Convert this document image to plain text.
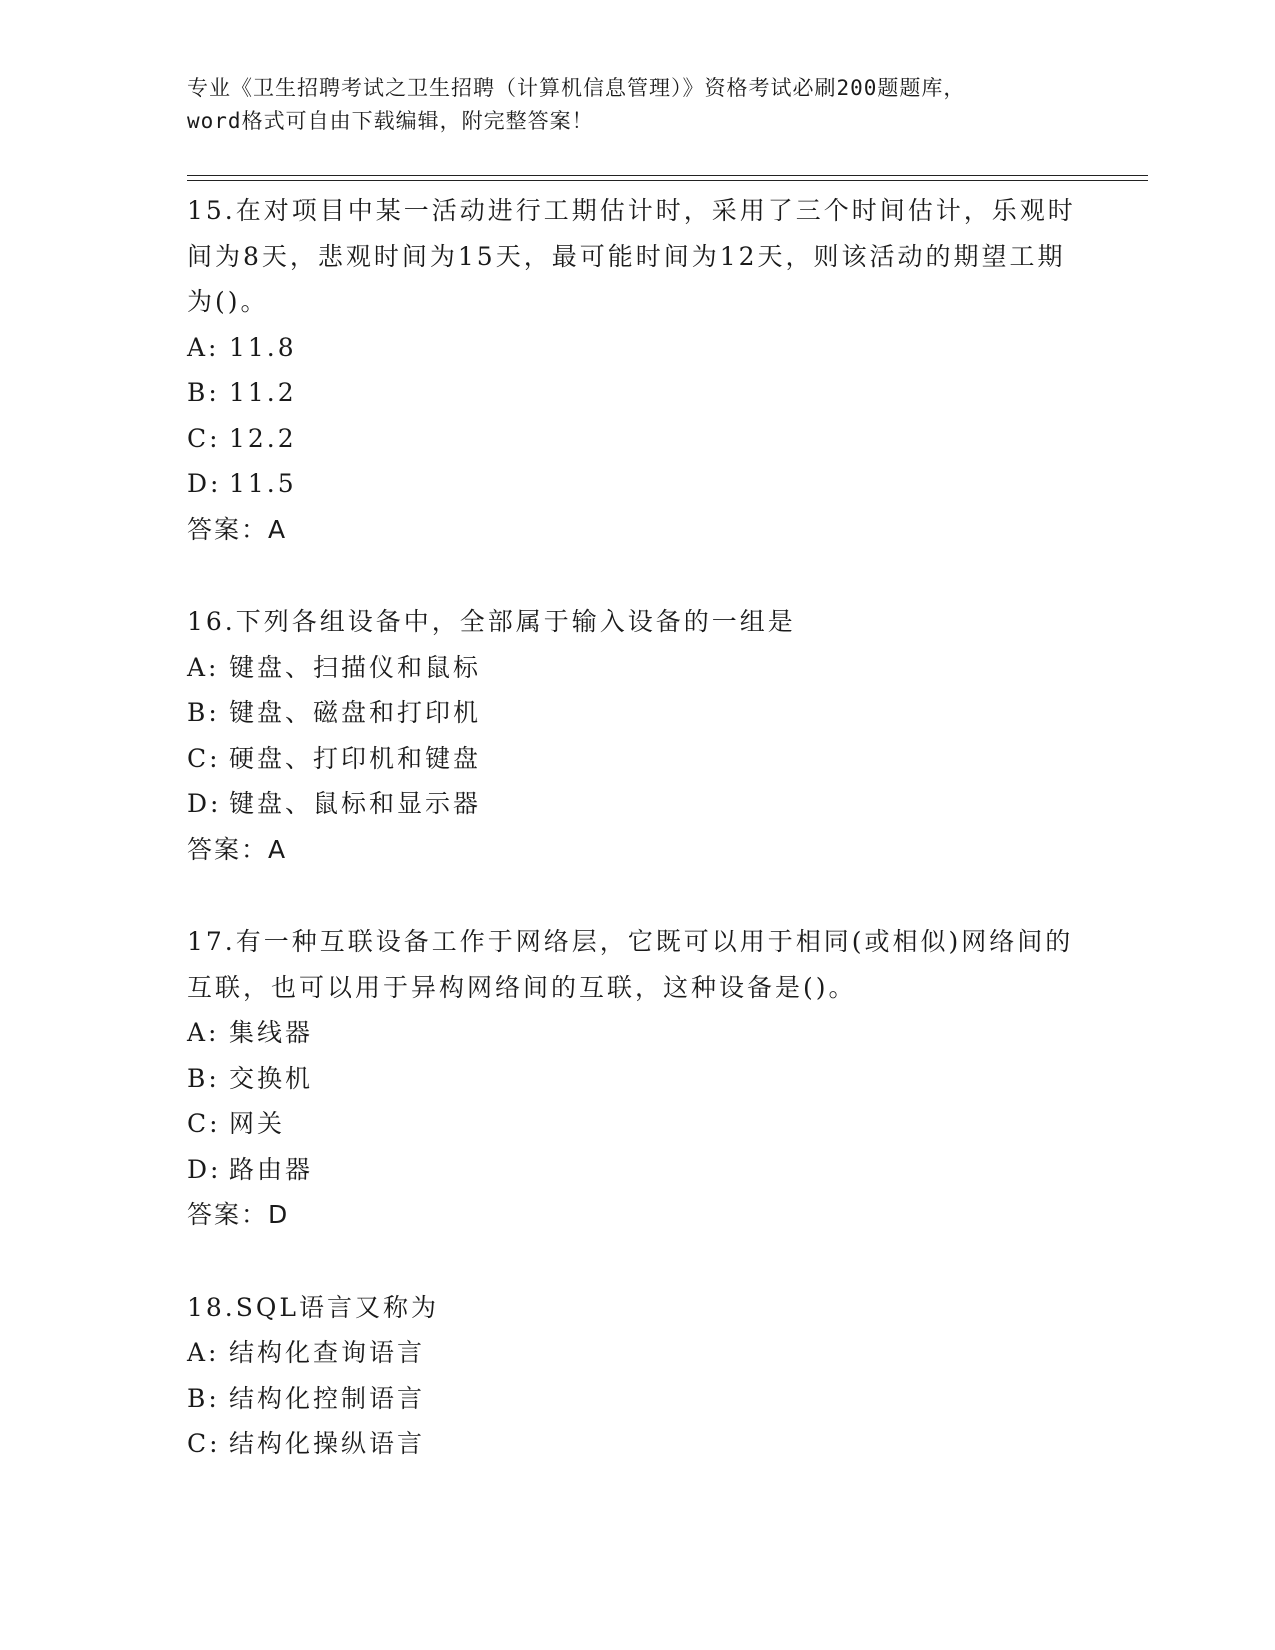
专业《卫生招聘考试之卫生招聘（计算机信息管理）》资格考试必刷200题题库，
word格式可自由下载编辑，附完整答案！
15.在对项目中某一活动进行工期估计时，采用了三个时间估计，乐观时间为8天，悲观时间为15天，最可能时间为12天，则该活动的期望工期为()。
A: 11.8
B: 11.2
C: 12.2
D: 11.5
答案：A
16.下列各组设备中，全部属于输入设备的一组是
A: 键盘、扫描仪和鼠标
B: 键盘、磁盘和打印机
C: 硬盘、打印机和键盘
D: 键盘、鼠标和显示器
答案：A
17.有一种互联设备工作于网络层，它既可以用于相同(或相似)网络间的互联，也可以用于异构网络间的互联，这种设备是()。
A: 集线器
B: 交换机
C: 网关
D: 路由器
答案：D
18.SQL语言又称为
A: 结构化查询语言
B: 结构化控制语言
C: 结构化操纵语言
